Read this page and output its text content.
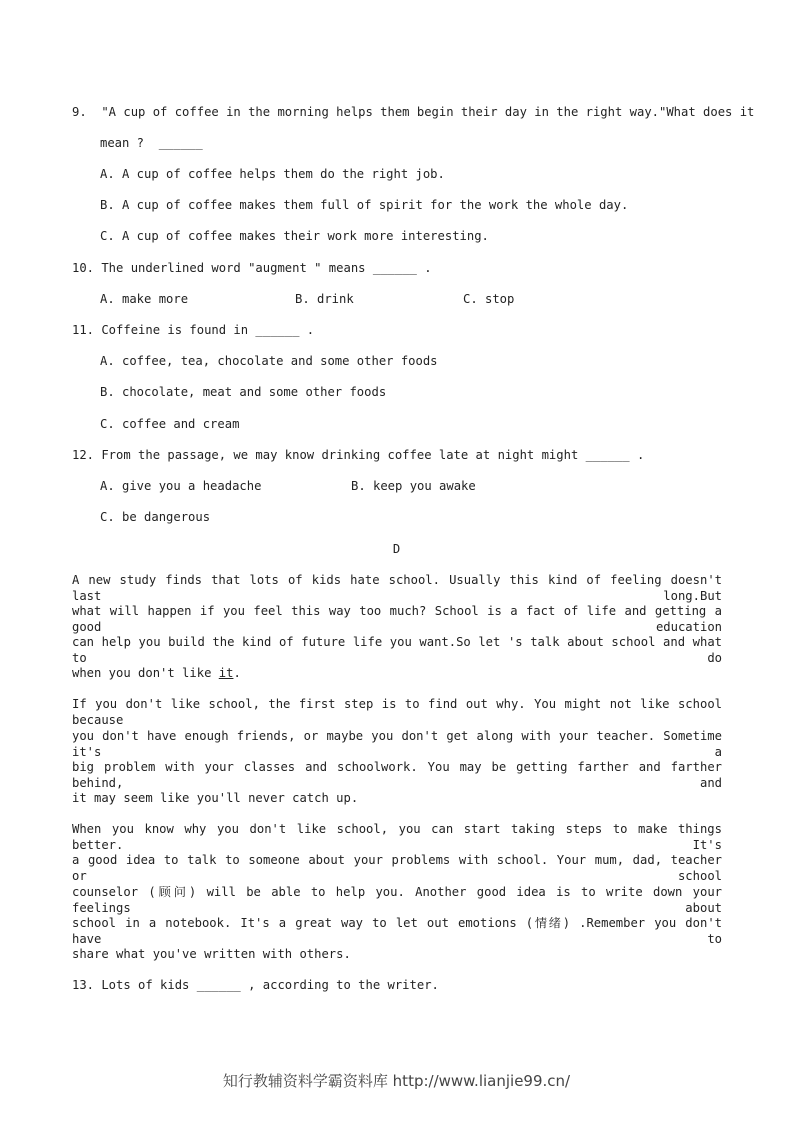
9.  "A cup of coffee in the morning helps them begin their day in the right way."What does it
mean ?  ______
A. A cup of coffee helps them do the right job.
B. A cup of coffee makes them full of spirit for the work the whole day.
C. A cup of coffee makes their work more interesting.
10. The underlined word "augment " means ______ .
A. make more	B. drink	C. stop
11. Coffeine is found in ______ .
A. coffee, tea, chocolate and some other foods
B. chocolate, meat and some other foods
C. coffee and cream
12. From the passage, we may know drinking coffee late at night might ______ .
A. give you a headache	B. keep you awake
C. be dangerous
D
A new study finds that lots of kids hate school. Usually this kind of feeling doesn't last long.But
what will happen if you feel this way too much? School is a fact of life and getting a good education
can help you build the kind of future life you want.So let 's talk about school and what to do
when you don't like it.
If you don't like school, the first step is to find out why. You might not like school because
you don't have enough friends, or maybe you don't get along with your teacher. Sometime it's a
big problem with your classes and schoolwork. You may be getting farther and farther behind, and
it may seem like you'll never catch up.
When you know why you don't like school, you can start taking steps to make things better. It's
a good idea to talk to someone about your problems with school. Your mum, dad, teacher or school
counselor (顾问) will be able to help you. Another good idea is to write down your feelings about
school in a notebook. It's a great way to let out emotions (情绪) .Remember you don't have to
share what you've written with others.
13. Lots of kids ______ , according to the writer.
知行教辅资料学霸资料库 http://www.lianjie99.cn/
